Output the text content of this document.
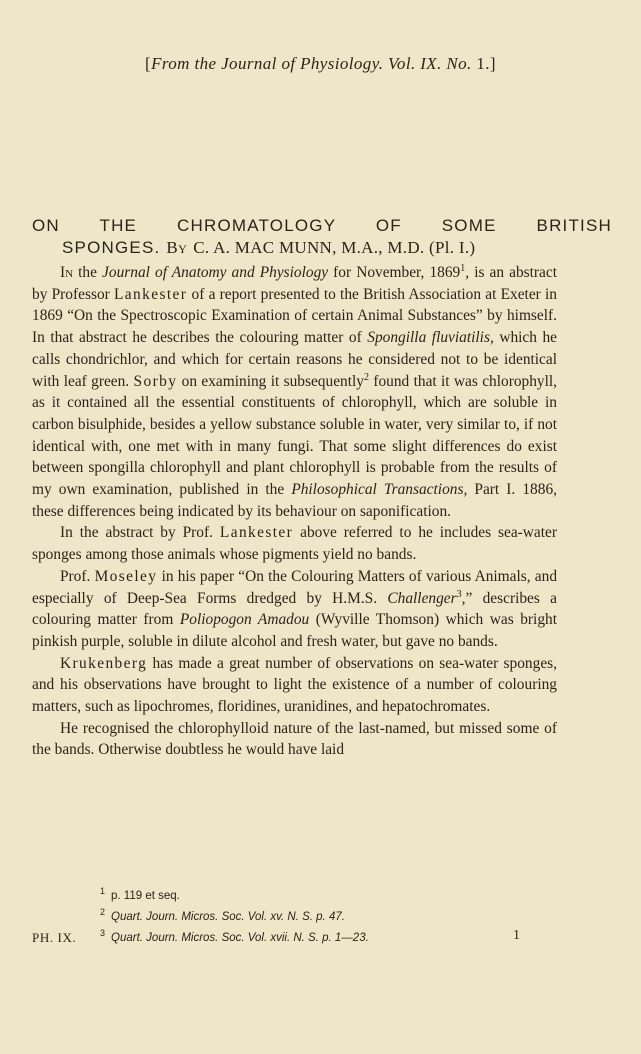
[From the Journal of Physiology. Vol. IX. No. 1.]
ON THE CHROMATOLOGY OF SOME BRITISH
SPONGES. By C. A. MAC MUNN, M.A., M.D. (Pl. I.)

In the Journal of Anatomy and Physiology for November, 1869$^1$, is an abstract by Professor Lankester of a report presented to the British Association at Exeter in 1869 “On the Spectroscopic Examination of certain Animal Substances” by himself. In that abstract he describes the colouring matter of Spongilla fluviatilis, which he calls chondrichlor, and which for certain reasons he considered not to be identical with leaf green. Sorby on examining it subsequently$^2$ found that it was chlorophyll, as it contained all the essential constituents of chlorophyll, which are soluble in carbon bisulphide, besides a yellow substance soluble in water, very similar to, if not identical with, one met with in many fungi. That some slight differences do exist between spongilla chlorophyll and plant chlorophyll is probable from the results of my own examination, published in the Philosophical Transactions, Part I. 1886, these differences being indicated by its behaviour on saponification.

In the abstract by Prof. Lankester above referred to he includes sea-water sponges among those animals whose pigments yield no bands.

Prof. Moseley in his paper “On the Colouring Matters of various Animals, and especially of Deep-Sea Forms dredged by H.M.S. Challenger$^3$,” describes a colouring matter from Poliopogon Amadou (Wyville Thomson) which was bright pinkish purple, soluble in dilute alcohol and fresh water, but gave no bands.

Krukenberg has made a great number of observations on sea-water sponges, and his observations have brought to light the existence of a number of colouring matters, such as lipochromes, floridines, uranidines, and hepatochromates.

He recognised the chlorophylloid nature of the last-named, but missed some of the bands. Otherwise doubtless he would have laid

$^1$ p. 119 et seq.
$^2$ Quart. Journ. Micros. Soc. Vol. xv. N. S. p. 47.
$^3$ Quart. Journ. Micros. Soc. Vol. xvii. N. S. p. 1—23.
PH. IX.	1
